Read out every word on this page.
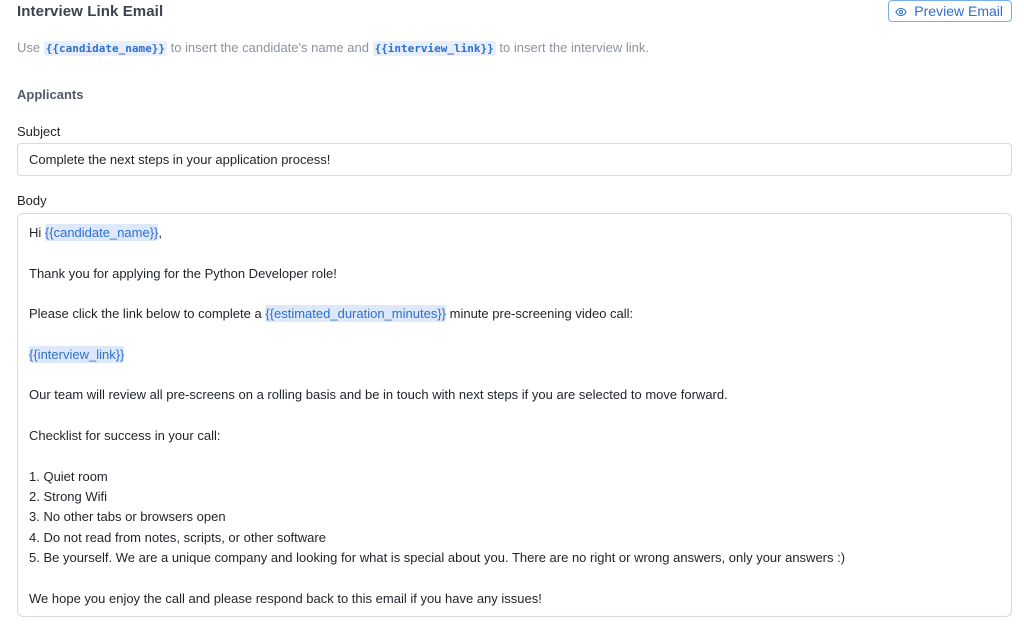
Interview Link Email	Preview Email
Use {{candidate_name}} to insert the candidate's name and {{interview_link}} to insert the interview link.
Applicants
Subject
Complete the next steps in your application process!
Body
Hi {{candidate_name}},
Thank you for applying for the Python Developer role!
Please click the link below to complete a {{estimated_duration_minutes}} minute pre-screening video call:
{{interview_link}}
Our team will review all pre-screens on a rolling basis and be in touch with next steps if you are selected to move forward.
Checklist for success in your call:
1. Quiet room
2. Strong Wifi
3. No other tabs or browsers open
4. Do not read from notes, scripts, or other software
5. Be yourself. We are a unique company and looking for what is special about you. There are no right or wrong answers, only your answers :)
We hope you enjoy the call and please respond back to this email if you have any issues!
